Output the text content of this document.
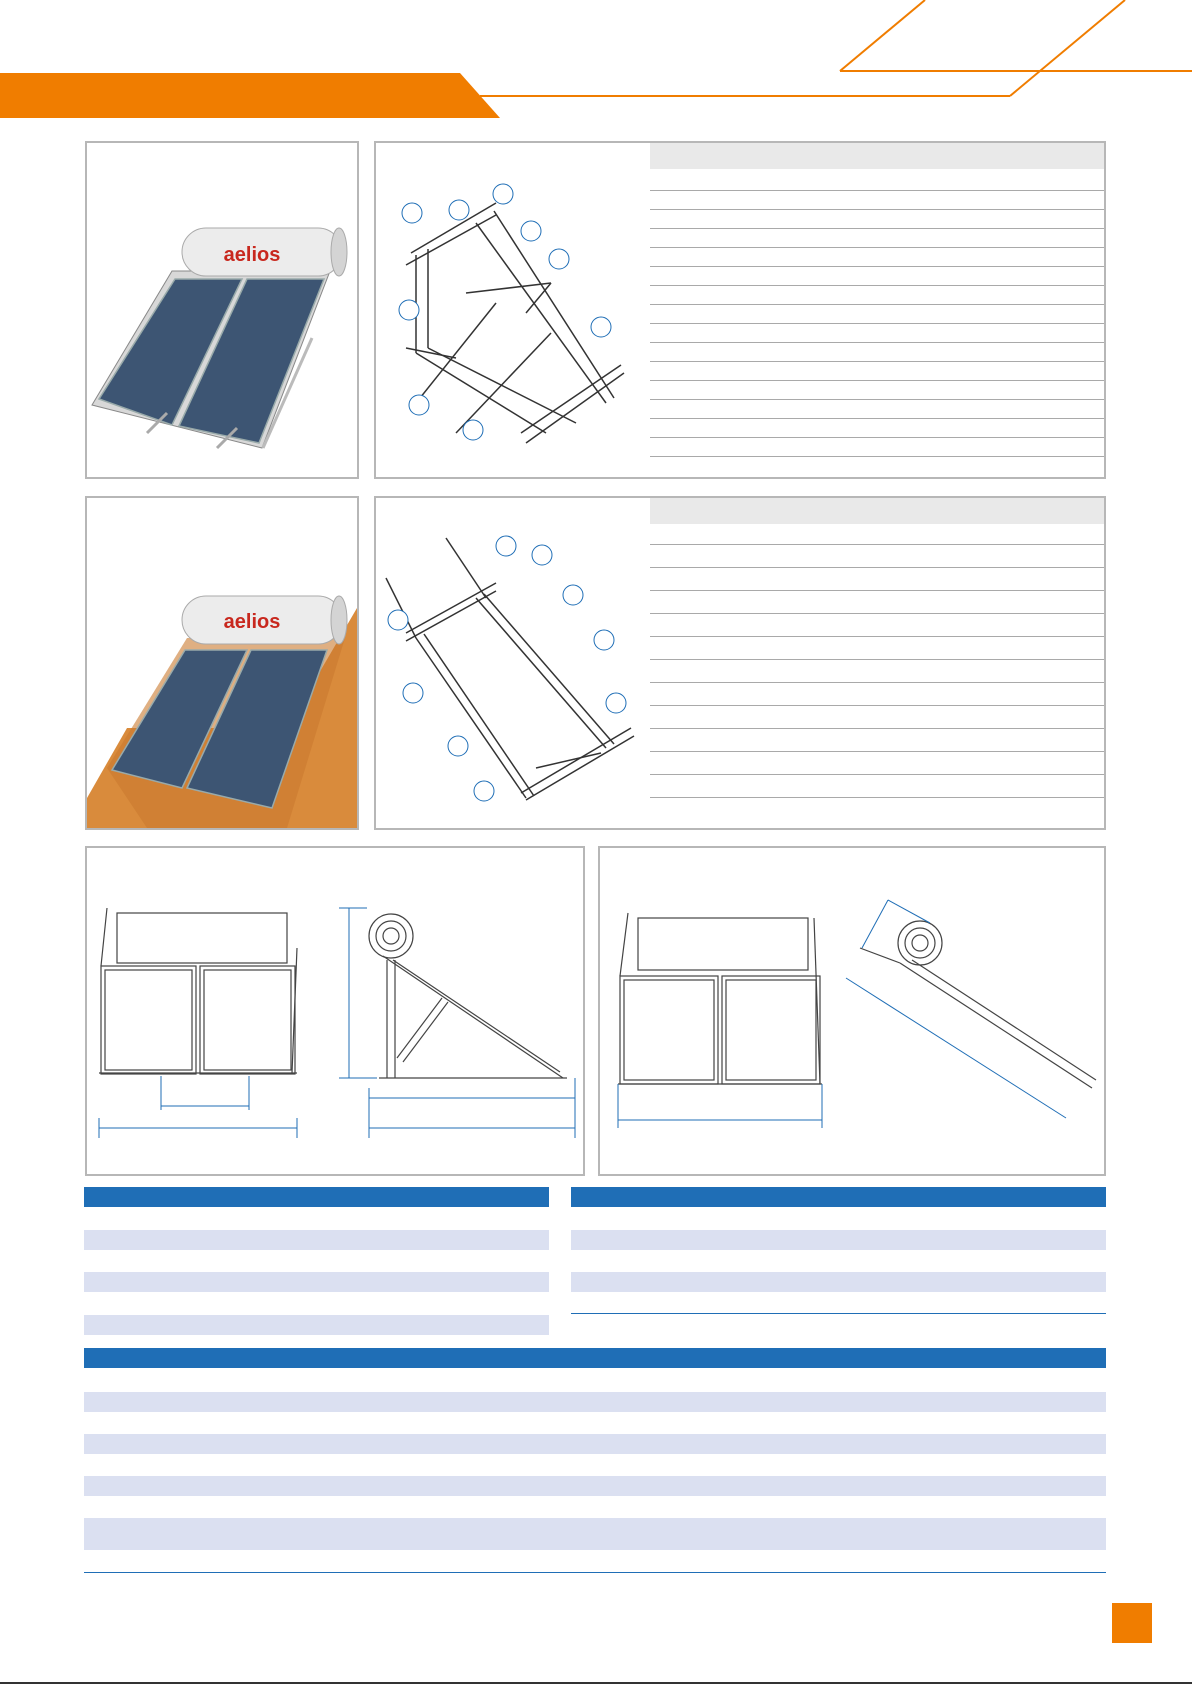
aelios
aelios
